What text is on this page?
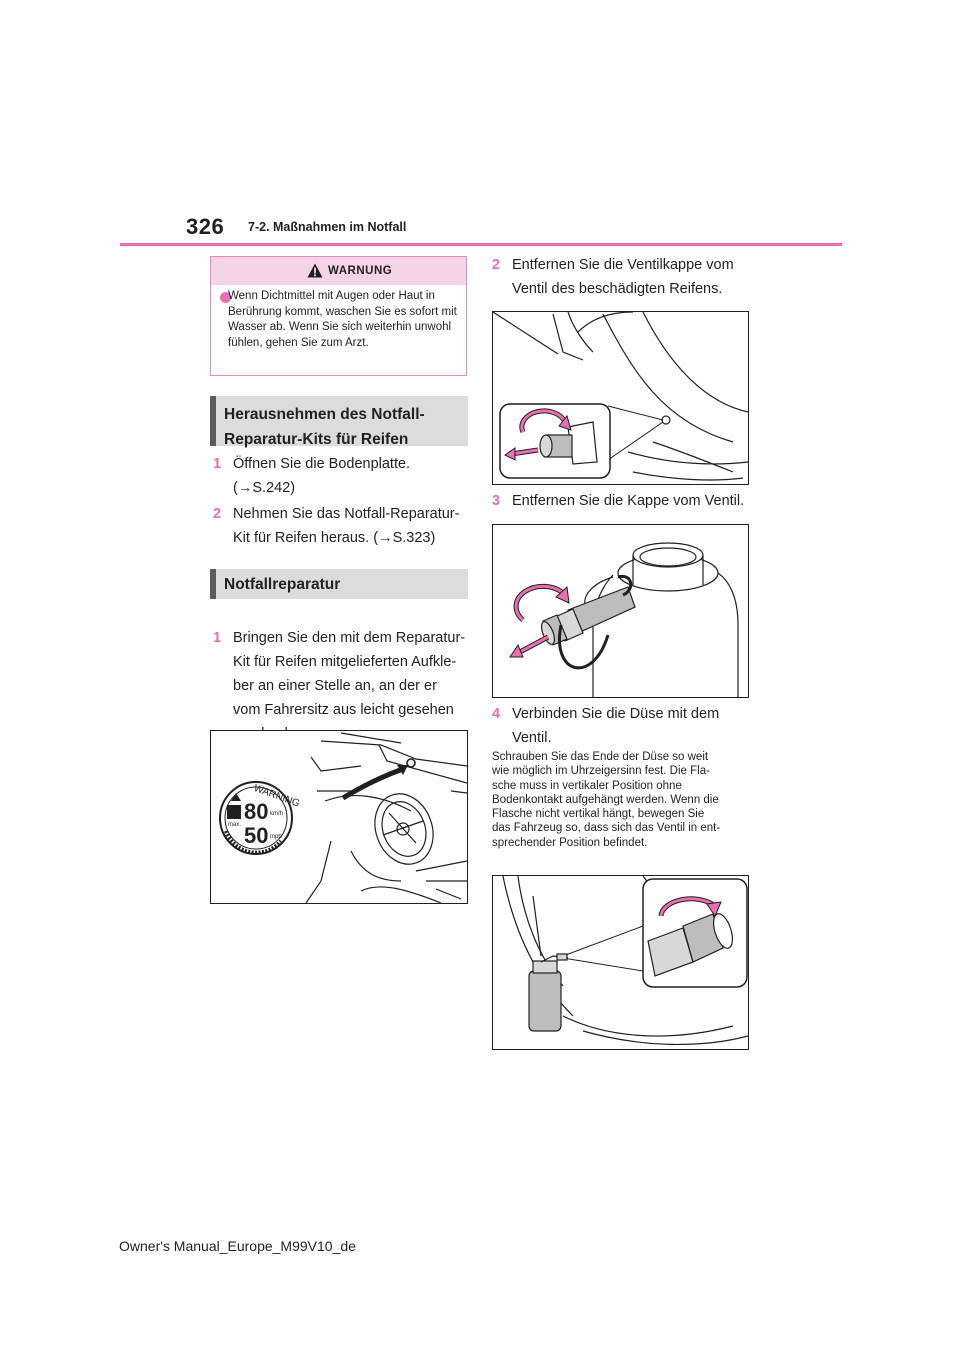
326 7-2. Maßnahmen im Notfall
WARNUNG
Wenn Dichtmittel mit Augen oder Haut in Berührung kommt, waschen Sie es sofort mit Wasser ab. Wenn Sie sich weiterhin unwohl fühlen, gehen Sie zum Arzt.
Herausnehmen des Notfall-
Reparatur-Kits für Reifen
1 Öffnen Sie die Bodenplatte.
(→S.242)
2 Nehmen Sie das Notfall-Reparatur-
Kit für Reifen heraus. (→S.323)
Notfallreparatur
1 Bringen Sie den mit dem Reparatur-
Kit für Reifen mitgelieferten Aufkle-
ber an einer Stelle an, an der er
vom Fahrersitz aus leicht gesehen
WARNING
80
50
km/h
mph
max.
2 Entfernen Sie die Ventilkappe vom
Ventil des beschädigten Reifens.
3 Entfernen Sie die Kappe vom Ventil.
4 Verbinden Sie die Düse mit dem
Ventil.
Schrauben Sie das Ende der Düse so weit
wie möglich im Uhrzeigersinn fest. Die Fla-
sche muss in vertikaler Position ohne
Bodenkontakt aufgehängt werden. Wenn die
Flasche nicht vertikal hängt, bewegen Sie
das Fahrzeug so, dass sich das Ventil in ent-
sprechender Position befindet.
Owner's Manual_Europe_M99V10_de
